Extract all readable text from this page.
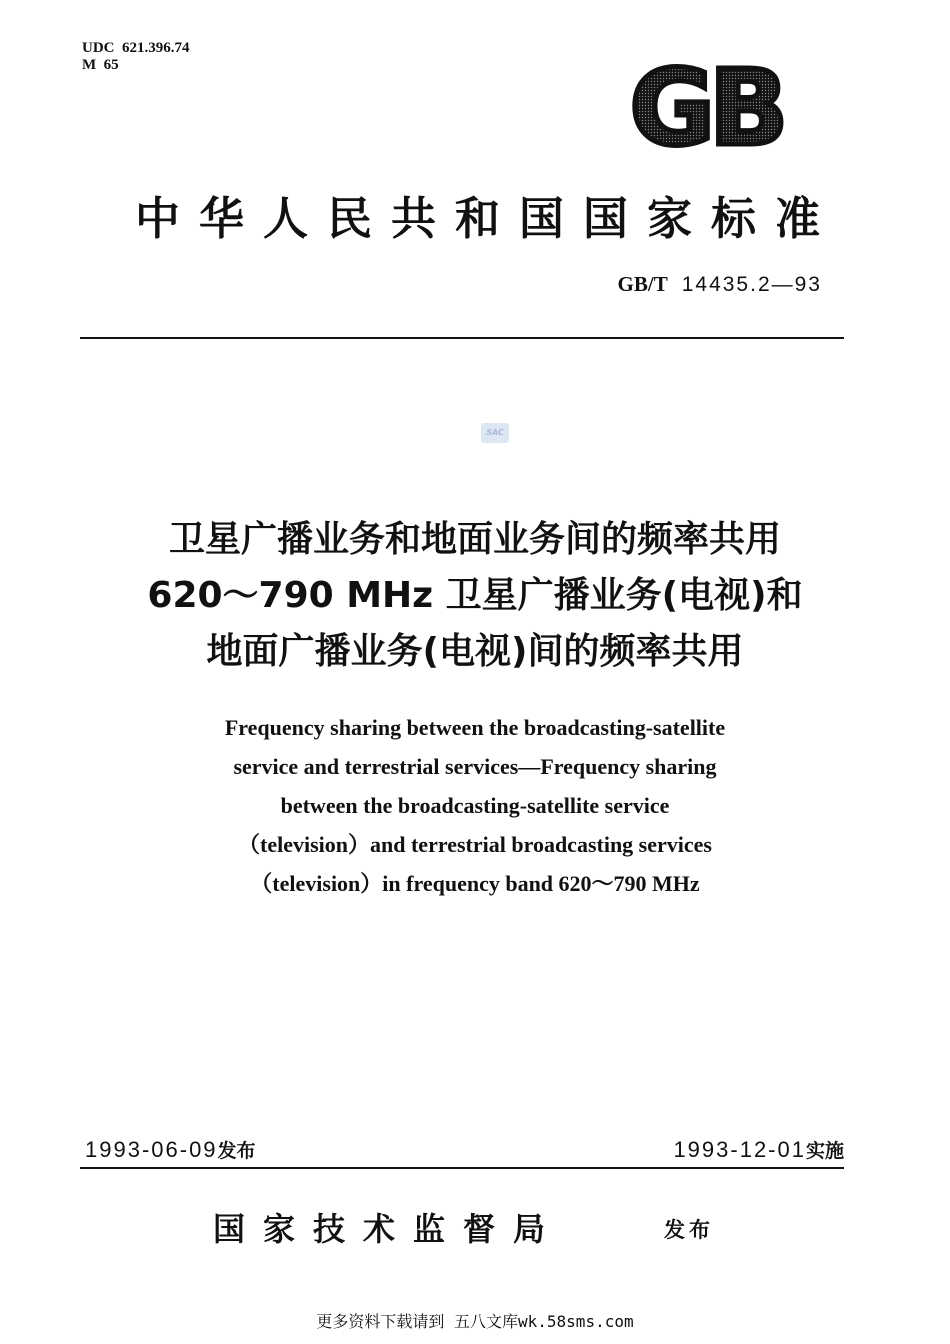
UDC  621.396.74
M  65	GB
中华人民共和国国家标准
GB/T 14435.2—93
SAC
卫星广播业务和地面业务间的频率共用
620～790 MHz 卫星广播业务(电视)和
地面广播业务(电视)间的频率共用
Frequency sharing between the broadcasting-satellite
service and terrestrial services—Frequency sharing
between the broadcasting-satellite service
（television）and terrestrial broadcasting services
（television）in frequency band 620～790 MHz
1993-06-09发布	1993-12-01实施
国家技术监督局	发布
更多资料下载请到 五八文库wk.58sms.com
